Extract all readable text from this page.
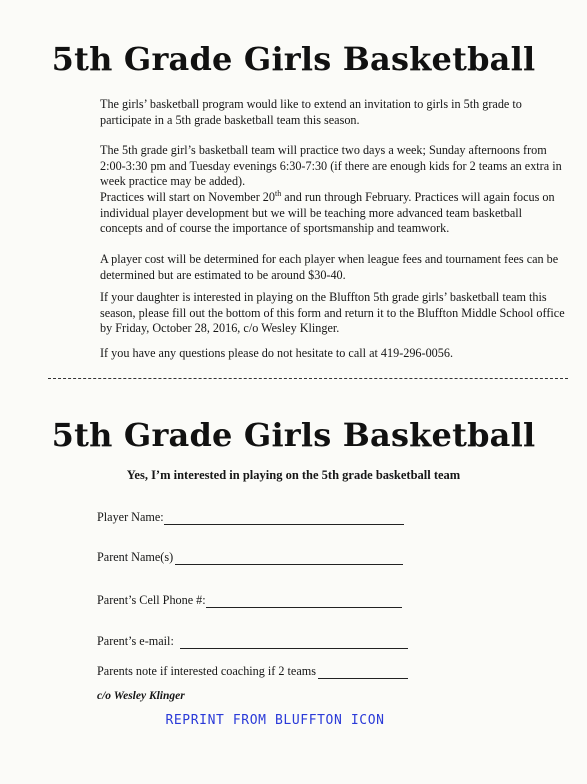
5th Grade Girls Basketball

The girls’ basketball program would like to extend an invitation to girls in 5th grade to participate in a 5th grade basketball team this season.

The 5th grade girl’s basketball team will practice two days a week; Sunday afternoons from 2:00-3:30 pm and Tuesday evenings 6:30-7:30 (if there are enough kids for 2 teams an extra in week practice may be added).

Practices will start on November 20th and run through February. Practices will again focus on individual player development but we will be teaching more advanced team basketball concepts and of course the importance of sportsmanship and teamwork.

A player cost will be determined for each player when league fees and tournament fees can be determined but are estimated to be around $30-40.

If your daughter is interested in playing on the Bluffton 5th grade girls’ basketball team this season, please fill out the bottom of this form and return it to the Bluffton Middle School office by Friday, October 28, 2016, c/o Wesley Klinger.

If you have any questions please do not hesitate to call at 419-296-0056.

5th Grade Girls Basketball
Yes, I’m interested in playing on the 5th grade basketball team
Player Name:
Parent Name(s)
Parent’s Cell Phone #:
Parent’s e-mail:
Parents note if interested coaching if 2 teams
c/o Wesley Klinger
REPRINT FROM BLUFFTON ICON
